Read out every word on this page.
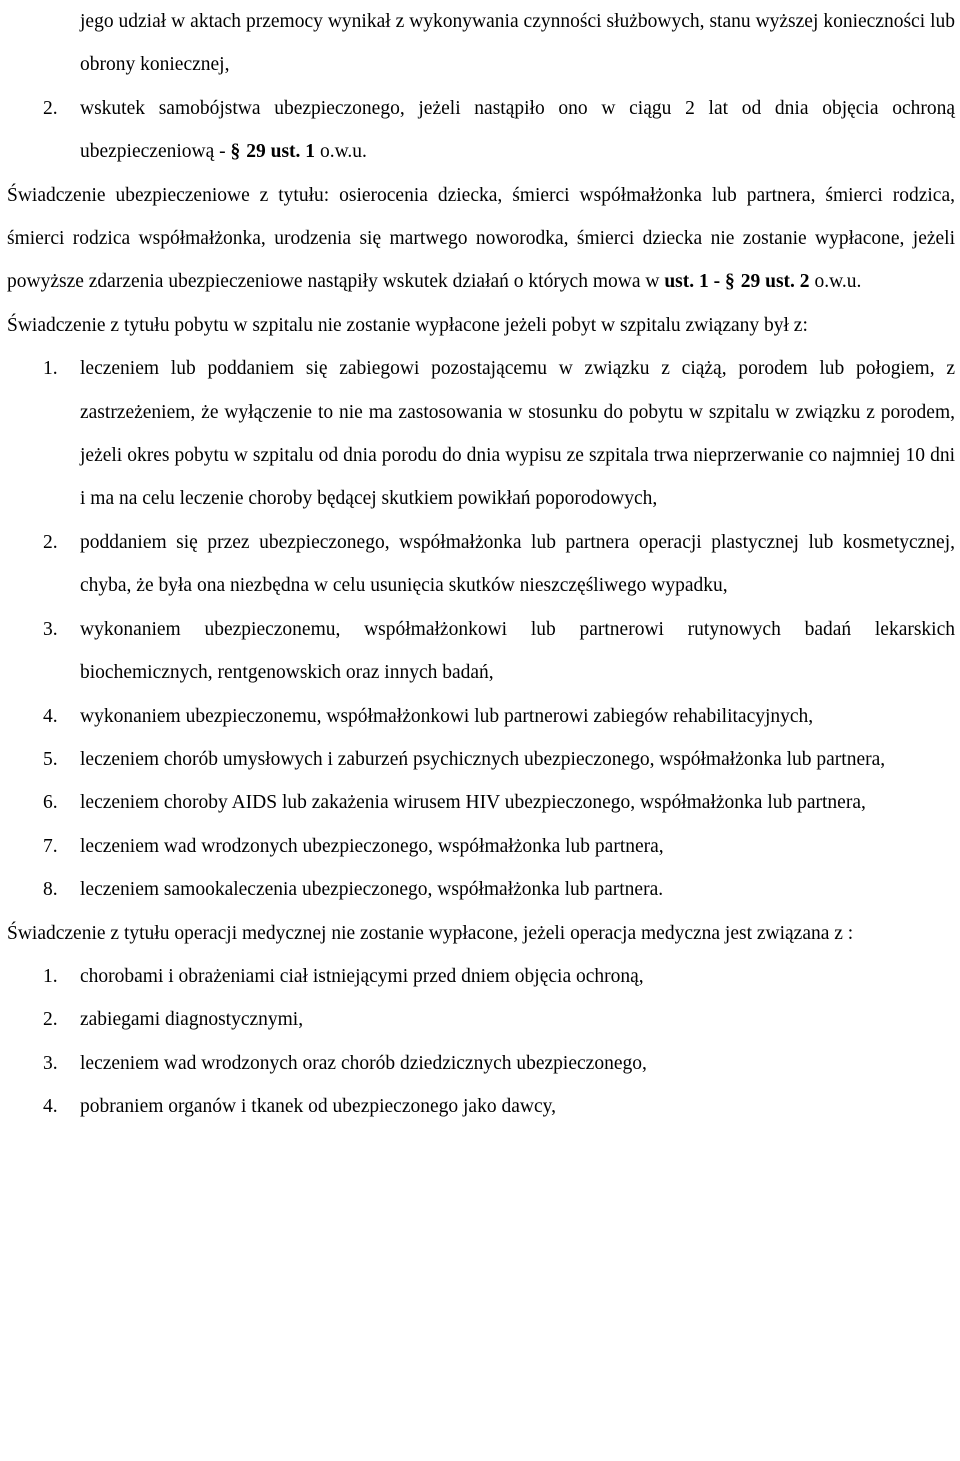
jego udział w aktach przemocy wynikał z wykonywania czynności służbowych, stanu wyższej konieczności lub obrony koniecznej,

2.	wskutek samobójstwa ubezpieczonego, jeżeli nastąpiło ono w ciągu 2 lat od dnia objęcia ochroną ubezpieczeniową - § 29 ust. 1 o.w.u.

Świadczenie ubezpieczeniowe z tytułu: osierocenia dziecka, śmierci współmałżonka lub partnera, śmierci rodzica, śmierci rodzica współmałżonka, urodzenia się martwego noworodka, śmierci dziecka nie zostanie wypłacone, jeżeli powyższe zdarzenia ubezpieczeniowe nastąpiły wskutek działań o których mowa w ust. 1 - § 29 ust. 2 o.w.u.

Świadczenie z tytułu pobytu w szpitalu nie zostanie wypłacone jeżeli pobyt w szpitalu związany był z:

1.	leczeniem lub poddaniem się zabiegowi pozostającemu w związku z ciążą, porodem lub połogiem, z zastrzeżeniem, że wyłączenie to nie ma zastosowania w stosunku do pobytu w szpitalu w związku z porodem, jeżeli okres pobytu w szpitalu od dnia porodu do dnia wypisu ze szpitala trwa nieprzerwanie co najmniej 10 dni i ma na celu leczenie choroby będącej skutkiem powikłań poporodowych,
2.	poddaniem się przez ubezpieczonego, współmałżonka lub partnera operacji plastycznej lub kosmetycznej, chyba, że była ona niezbędna w celu usunięcia skutków nieszczęśliwego wypadku,
3.	wykonaniem ubezpieczonemu, współmałżonkowi lub partnerowi rutynowych badań lekarskich biochemicznych, rentgenowskich oraz innych badań,
4.	wykonaniem ubezpieczonemu, współmałżonkowi lub partnerowi zabiegów rehabilitacyjnych,
5.	leczeniem chorób umysłowych i zaburzeń psychicznych ubezpieczonego, współmałżonka lub partnera,
6.	leczeniem choroby AIDS lub zakażenia wirusem HIV ubezpieczonego, współmałżonka lub partnera,
7.	leczeniem wad wrodzonych ubezpieczonego, współmałżonka lub partnera,
8.	leczeniem samookaleczenia ubezpieczonego, współmałżonka lub partnera.

Świadczenie z tytułu operacji medycznej nie zostanie wypłacone, jeżeli operacja medyczna jest związana z :

1.	chorobami i obrażeniami ciał istniejącymi przed dniem objęcia ochroną,
2.	zabiegami diagnostycznymi,
3.	leczeniem wad wrodzonych oraz chorób dziedzicznych ubezpieczonego,
4.	pobraniem organów i tkanek od ubezpieczonego jako dawcy,
